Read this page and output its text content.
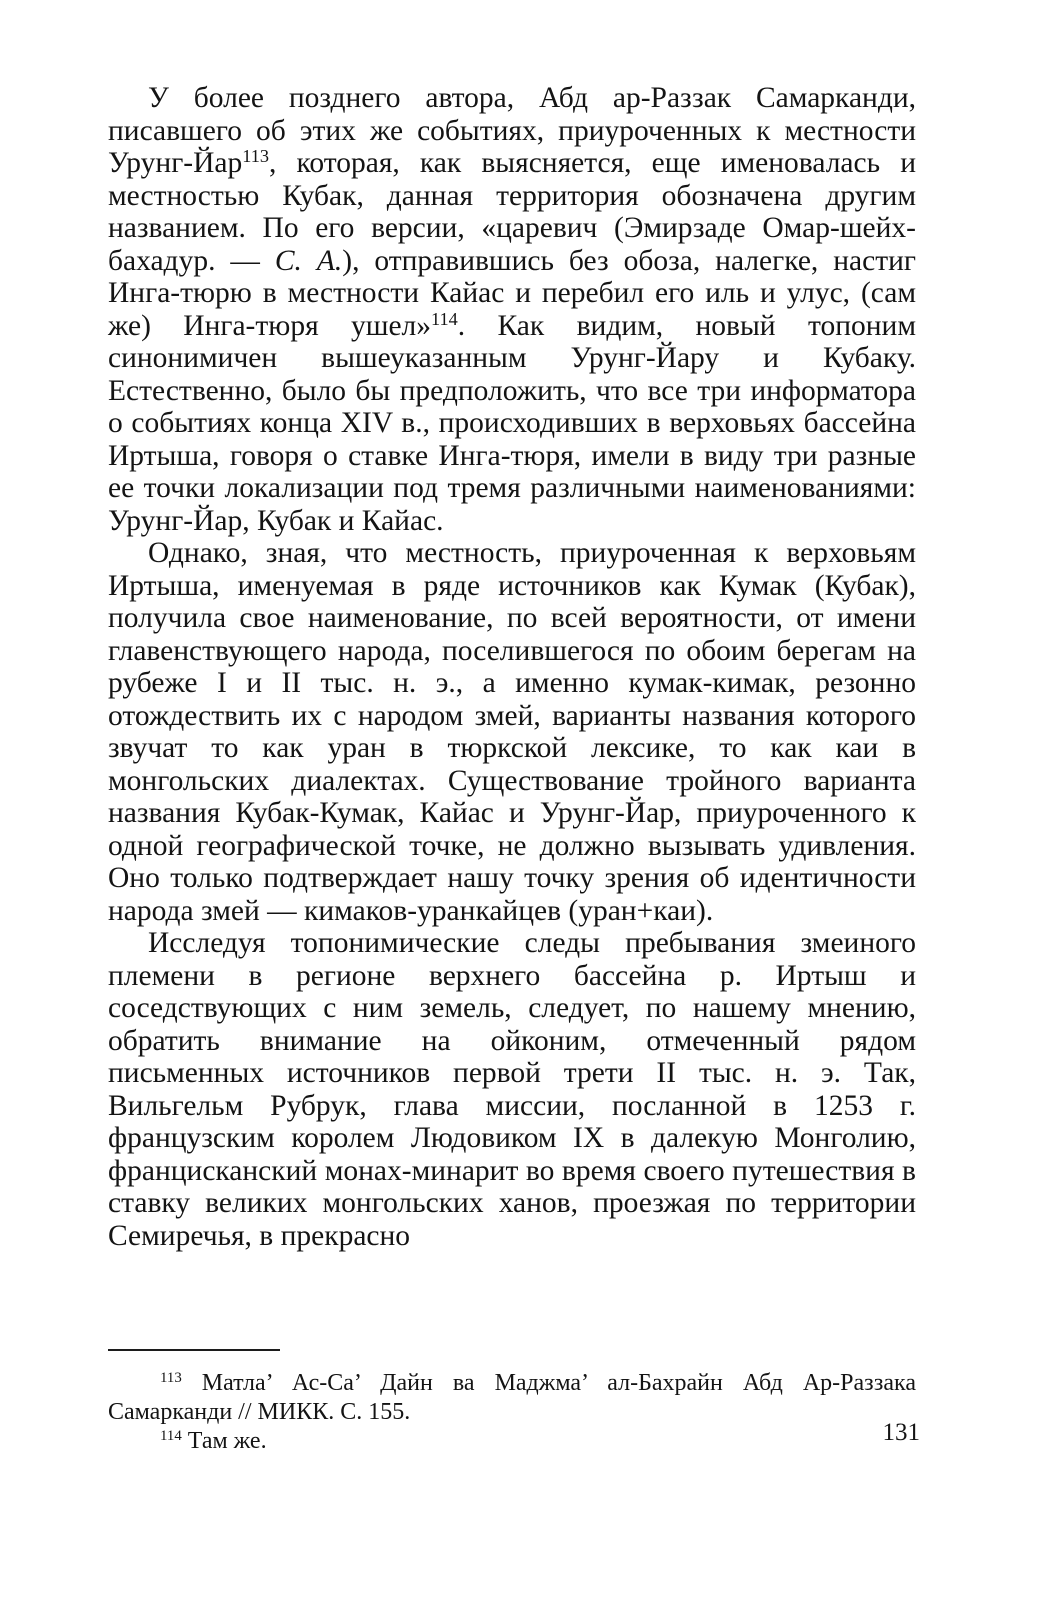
У более позднего автора, Абд ар-Раззак Самарканди, писавшего об этих же событиях, приуроченных к местности Урунг-Йар$^{113}$, которая, как выясняется, еще именовалась и местностью Кубак, данная территория обозначена другим названием. По его версии, «царевич (Эмирзаде Омар-шейх-бахадур. — С. А.), отправившись без обоза, налегке, настиг Инга-тюрю в местности Кайас и перебил его иль и улус, (сам же) Инга-тюря ушел»$^{114}$. Как видим, новый топоним синонимичен вышеуказанным Урунг-Йару и Кубаку. Естественно, было бы предположить, что все три информатора о событиях конца XIV в., происходивших в верховьях бассейна Иртыша, говоря о ставке Инга-тюря, имели в виду три разные ее точки локализации под тремя различными наименованиями: Урунг-Йар, Кубак и Кайас.

Однако, зная, что местность, приуроченная к верховьям Иртыша, именуемая в ряде источников как Кумак (Кубак), получила свое наименование, по всей вероятности, от имени главенствующего народа, поселившегося по обоим берегам на рубеже I и II тыс. н. э., а именно кумак-кимак, резонно отождествить их с народом змей, варианты названия которого звучат то как уран в тюркской лексике, то как каи в монгольских диалектах. Существование тройного варианта названия Кубак-Кумак, Кайас и Урунг-Йар, приуроченного к одной географической точке, не должно вызывать удивления. Оно только подтверждает нашу точку зрения об идентичности народа змей — кимаков-уранкайцев (уран+каи).

Исследуя топонимические следы пребывания змеиного племени в регионе верхнего бассейна р. Иртыш и соседствующих с ним земель, следует, по нашему мнению, обратить внимание на ойконим, отмеченный рядом письменных источников первой трети II тыс. н. э. Так, Вильгельм Рубрук, глава миссии, посланной в 1253 г. французским королем Людовиком IX в далекую Монголию, францисканский монах-минарит во время своего путешествия в ставку великих монгольских ханов, проезжая по территории Семиречья, в прекрасно

$^{113}$ Матла’ Ас-Са’ Дайн ва Маджма’ ал-Бахрайн Абд Ар-Раззака Самарканди // МИКК. С. 155.

$^{114}$ Там же.	131
